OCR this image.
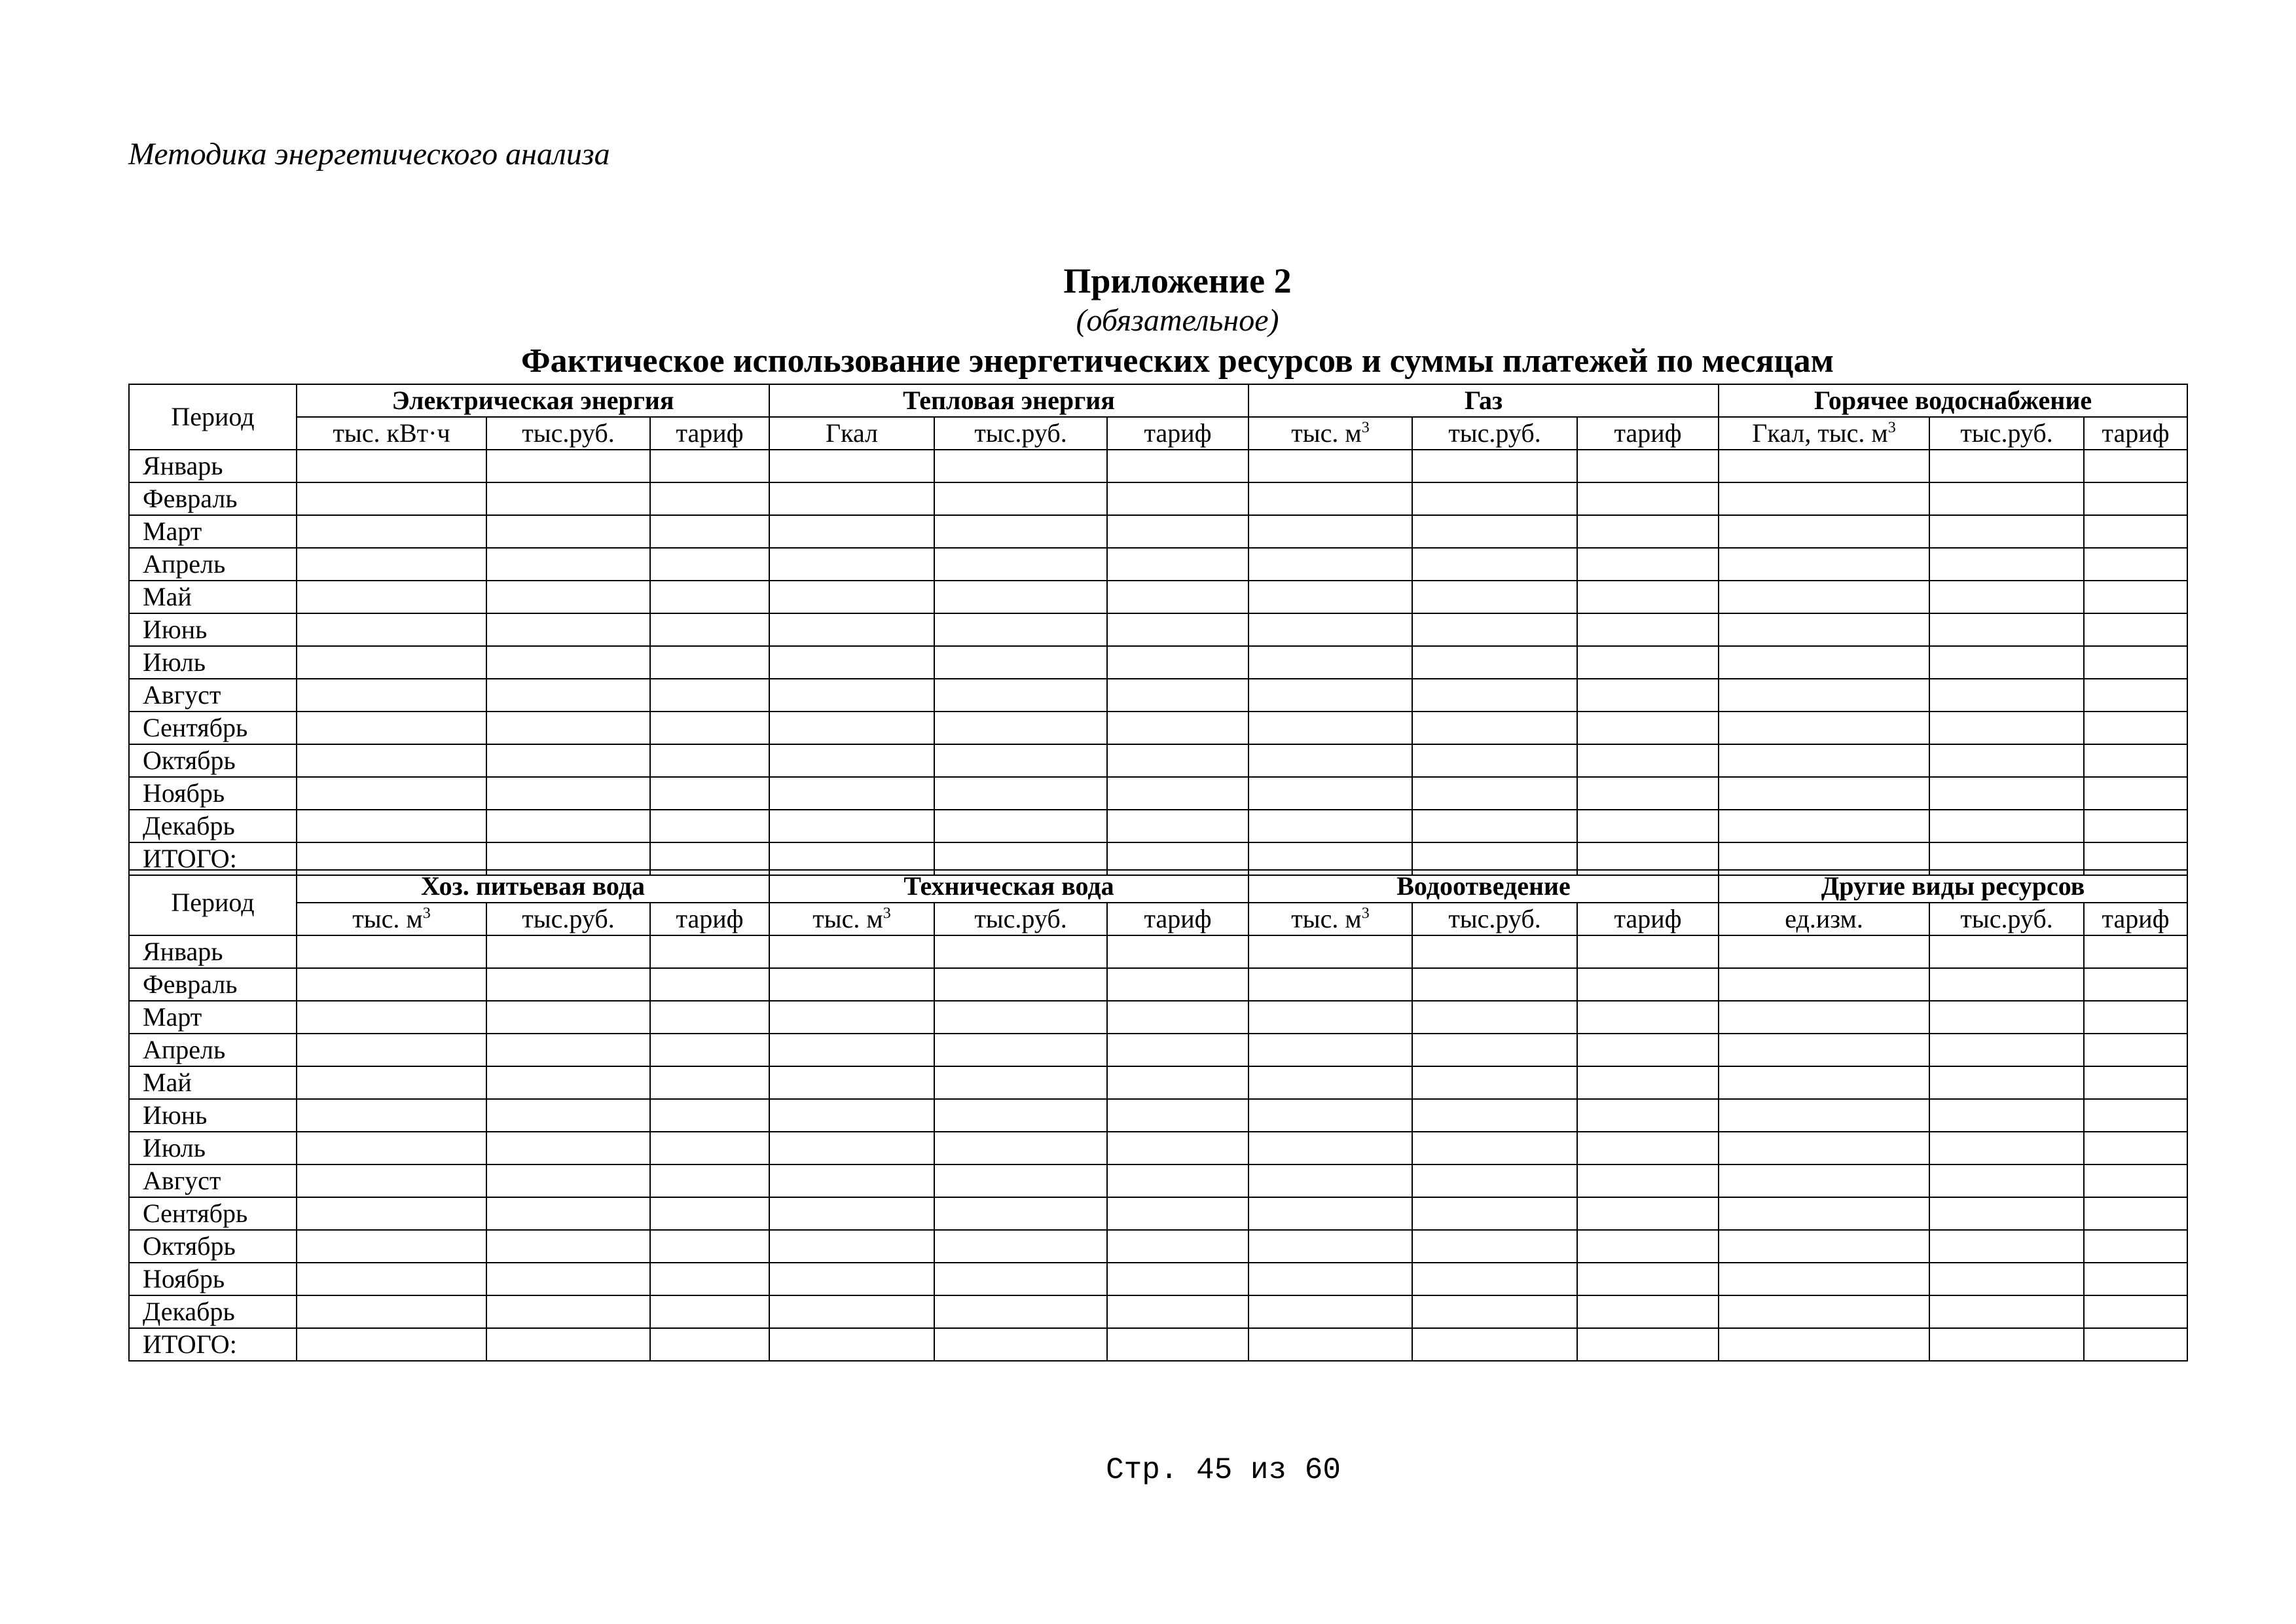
Методика энергетического анализа
Приложение 2
(обязательное)
Фактическое использование энергетических ресурсов и суммы платежей по месяцам
Период	Электрическая энергия			Тепловая энергия			Газ			Горячее водоснабжение		
	тыс. кВт·ч	тыс.руб.	тариф	Гкал	тыс.руб.	тариф	тыс. $м^3$	тыс.руб.	тариф	Гкал, тыс. $м^3$	тыс.руб.	тариф
Январь												
Февраль												
Март												
Апрель												
Май												
Июнь												
Июль												
Август												
Сентябрь												
Октябрь												
Ноябрь												
Декабрь												
ИТОГО:												
Период	Хоз. питьевая вода			Техническая вода			Водоотведение			Другие виды ресурсов		
	тыс. $м^3$	тыс.руб.	тариф	тыс. $м^3$	тыс.руб.	тариф	тыс. $м^3$	тыс.руб.	тариф	ед.изм.	тыс.руб.	тариф
Январь												
Февраль												
Март												
Апрель												
Май												
Июнь												
Июль												
Август												
Сентябрь												
Октябрь												
Ноябрь												
Декабрь												
ИТОГО:												
Стр. 45 из 60
